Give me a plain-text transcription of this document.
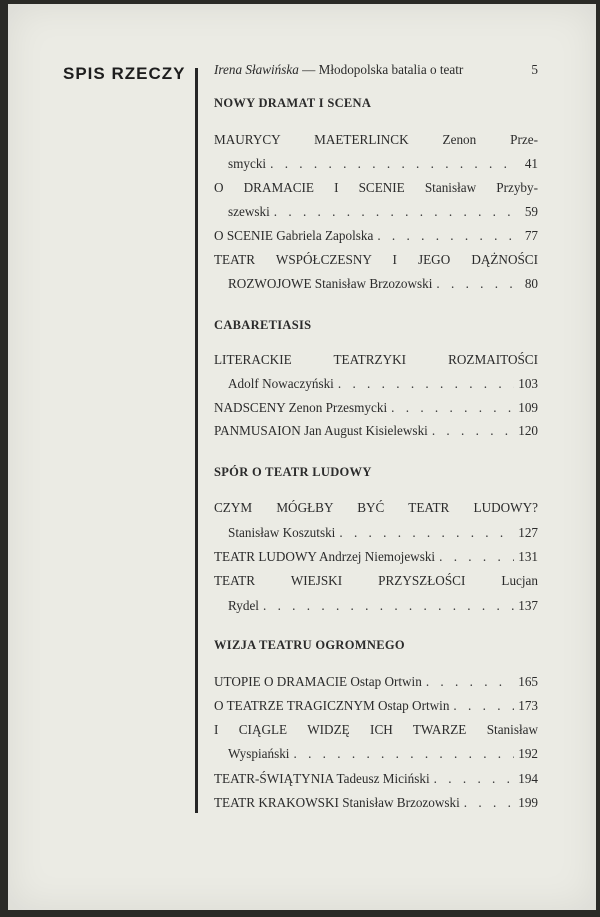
SPIS RZECZY Irena Sławińska — Młodopolska batalia o teatr	5
NOWY DRAMAT I SCENA
MAURYCY MAETERLINCK Zenon Prze-
smycki . . .	41
O DRAMACIE I SCENIE Stanisław Przyby-
szewski . . .	59
O SCENIE Gabriela Zapolska . . .	77
TEATR WSPÓŁCZESNY I JEGO DĄŻNOŚCI
ROZWOJOWE Stanisław Brzozowski . . .	80
CABARETIASIS
LITERACKIE TEATRZYKI ROZMAITOŚCI
Adolf Nowaczyński . . .	103
NADSCENY Zenon Przesmycki . . .	109
PANMUSAION Jan August Kisielewski . . .	120
SPÓR O TEATR LUDOWY
CZYM MÓGŁBY BYĆ TEATR LUDOWY?
Stanisław Koszutski . . .	127
TEATR LUDOWY Andrzej Niemojewski . . .	131
TEATR WIEJSKI PRZYSZŁOŚCI Lucjan
Rydel . . .	137
WIZJA TEATRU OGROMNEGO
UTOPIE O DRAMACIE Ostap Ortwin . . .	165
O TEATRZE TRAGICZNYM Ostap Ortwin . . .	173
I CIĄGLE WIDZĘ ICH TWARZE Stanisław
Wyspiański . . .	192
TEATR-ŚWIĄTYNIA Tadeusz Miciński . . .	194
TEATR KRAKOWSKI Stanisław Brzozowski . . .	199
